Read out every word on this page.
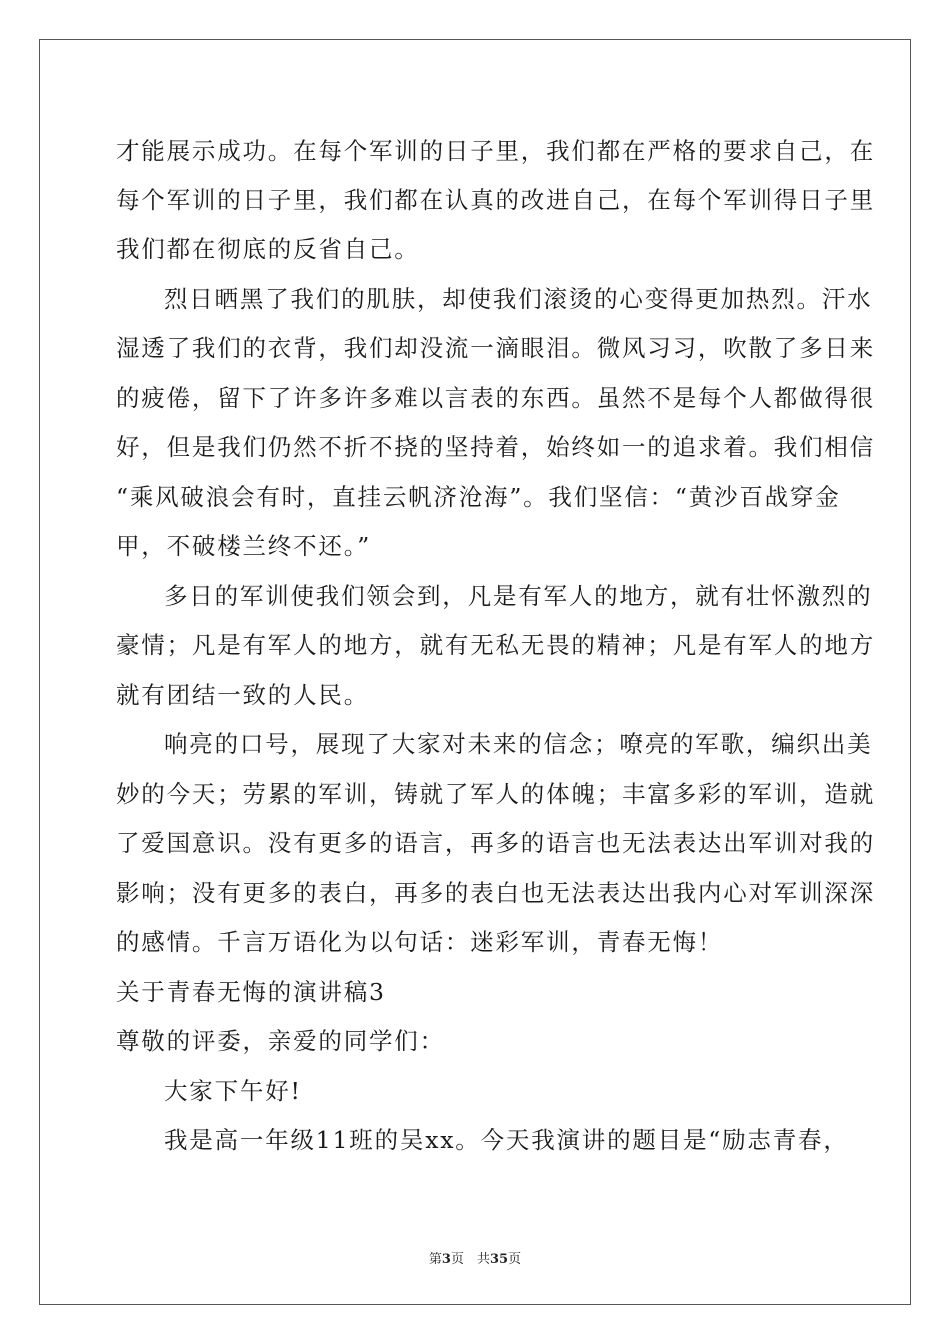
才能展示成功。在每个军训的日子里，我们都在严格的要求自己，在
每个军训的日子里，我们都在认真的改进自己，在每个军训得日子里
我们都在彻底的反省自己。
烈日晒黑了我们的肌肤，却使我们滚烫的心变得更加热烈。汗水
湿透了我们的衣背，我们却没流一滴眼泪。微风习习，吹散了多日来
的疲倦，留下了许多许多难以言表的东西。虽然不是每个人都做得很
好，但是我们仍然不折不挠的坚持着，始终如一的追求着。我们相信
“乘风破浪会有时，直挂云帆济沧海”。我们坚信：“黄沙百战穿金
甲，不破楼兰终不还。”
多日的军训使我们领会到，凡是有军人的地方，就有壮怀激烈的
豪情；凡是有军人的地方，就有无私无畏的精神；凡是有军人的地方
就有团结一致的人民。
响亮的口号，展现了大家对未来的信念；嘹亮的军歌，编织出美
妙的今天；劳累的军训，铸就了军人的体魄；丰富多彩的军训，造就
了爱国意识。没有更多的语言，再多的语言也无法表达出军训对我的
影响；没有更多的表白，再多的表白也无法表达出我内心对军训深深
的感情。千言万语化为以句话：迷彩军训，青春无悔！
关于青春无悔的演讲稿3
尊敬的评委，亲爱的同学们：
大家下午好!
我是高一年级11班的吴xx。今天我演讲的题目是“励志青春，
第3页　共35页
